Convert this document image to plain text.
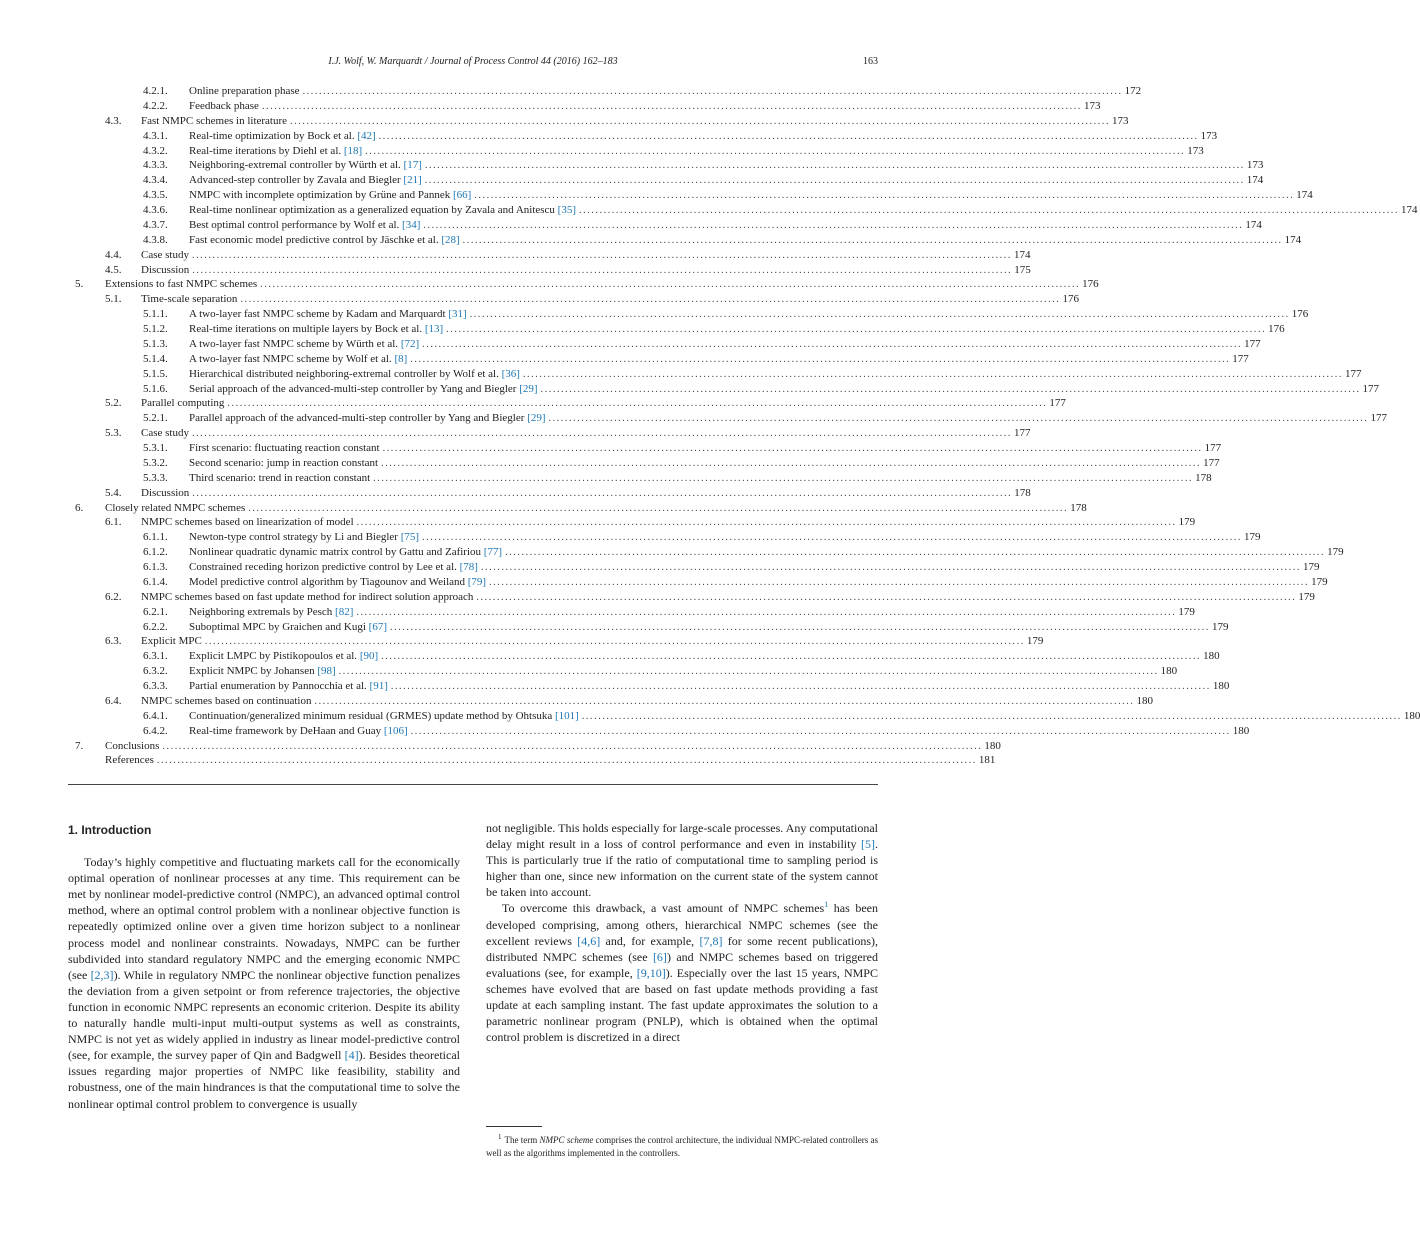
I.J. Wolf, W. Marquardt / Journal of Process Control 44 (2016) 162–183	163
4.2.1.	Online preparation phase ........................................................................................................................................................................................................ 172
4.2.2.	Feedback phase ........................................................................................................................................................................................................ 173
4.3.	Fast NMPC schemes in literature ........................................................................................................................................................................................................ 173
4.3.1.	Real-time optimization by Bock et al. [42] ........................................................................................................................................................................................................ 173
4.3.2.	Real-time iterations by Diehl et al. [18] ........................................................................................................................................................................................................ 173
4.3.3.	Neighboring-extremal controller by Würth et al. [17] ........................................................................................................................................................................................................ 173
4.3.4.	Advanced-step controller by Zavala and Biegler [21] ........................................................................................................................................................................................................ 174
4.3.5.	NMPC with incomplete optimization by Grüne and Pannek [66] ........................................................................................................................................................................................................ 174
4.3.6.	Real-time nonlinear optimization as a generalized equation by Zavala and Anitescu [35] ........................................................................................................................................................................................................ 174
4.3.7.	Best optimal control performance by Wolf et al. [34] ........................................................................................................................................................................................................ 174
4.3.8.	Fast economic model predictive control by Jäschke et al. [28] ........................................................................................................................................................................................................ 174
4.4.	Case study ........................................................................................................................................................................................................ 174
4.5.	Discussion ........................................................................................................................................................................................................ 175
5.	Extensions to fast NMPC schemes ........................................................................................................................................................................................................ 176
5.1.	Time-scale separation ........................................................................................................................................................................................................ 176
5.1.1.	A two-layer fast NMPC scheme by Kadam and Marquardt [31] ........................................................................................................................................................................................................ 176
5.1.2.	Real-time iterations on multiple layers by Bock et al. [13] ........................................................................................................................................................................................................ 176
5.1.3.	A two-layer fast NMPC scheme by Würth et al. [72] ........................................................................................................................................................................................................ 177
5.1.4.	A two-layer fast NMPC scheme by Wolf et al. [8] ........................................................................................................................................................................................................ 177
5.1.5.	Hierarchical distributed neighboring-extremal controller by Wolf et al. [36] ........................................................................................................................................................................................................ 177
5.1.6.	Serial approach of the advanced-multi-step controller by Yang and Biegler [29] ........................................................................................................................................................................................................ 177
5.2.	Parallel computing ........................................................................................................................................................................................................ 177
5.2.1.	Parallel approach of the advanced-multi-step controller by Yang and Biegler [29] ........................................................................................................................................................................................................ 177
5.3.	Case study ........................................................................................................................................................................................................ 177
5.3.1.	First scenario: fluctuating reaction constant ........................................................................................................................................................................................................ 177
5.3.2.	Second scenario: jump in reaction constant ........................................................................................................................................................................................................ 177
5.3.3.	Third scenario: trend in reaction constant ........................................................................................................................................................................................................ 178
5.4.	Discussion ........................................................................................................................................................................................................ 178
6.	Closely related NMPC schemes ........................................................................................................................................................................................................ 178
6.1.	NMPC schemes based on linearization of model ........................................................................................................................................................................................................ 179
6.1.1.	Newton-type control strategy by Li and Biegler [75] ........................................................................................................................................................................................................ 179
6.1.2.	Nonlinear quadratic dynamic matrix control by Gattu and Zafiriou [77] ........................................................................................................................................................................................................ 179
6.1.3.	Constrained receding horizon predictive control by Lee et al. [78] ........................................................................................................................................................................................................ 179
6.1.4.	Model predictive control algorithm by Tiagounov and Weiland [79] ........................................................................................................................................................................................................ 179
6.2.	NMPC schemes based on fast update method for indirect solution approach ........................................................................................................................................................................................................ 179
6.2.1.	Neighboring extremals by Pesch [82] ........................................................................................................................................................................................................ 179
6.2.2.	Suboptimal MPC by Graichen and Kugi [67] ........................................................................................................................................................................................................ 179
6.3.	Explicit MPC ........................................................................................................................................................................................................ 179
6.3.1.	Explicit LMPC by Pistikopoulos et al. [90] ........................................................................................................................................................................................................ 180
6.3.2.	Explicit NMPC by Johansen [98] ........................................................................................................................................................................................................ 180
6.3.3.	Partial enumeration by Pannocchia et al. [91] ........................................................................................................................................................................................................ 180
6.4.	NMPC schemes based on continuation ........................................................................................................................................................................................................ 180
6.4.1.	Continuation/generalized minimum residual (GRMES) update method by Ohtsuka [101] ........................................................................................................................................................................................................ 180
6.4.2.	Real-time framework by DeHaan and Guay [106] ........................................................................................................................................................................................................ 180
7.	Conclusions ........................................................................................................................................................................................................ 180
References ........................................................................................................................................................................................................ 181
1. Introduction

Today’s highly competitive and fluctuating markets call for the economically optimal operation of nonlinear processes at any time. This requirement can be met by nonlinear model-predictive control (NMPC), an advanced optimal control method, where an optimal control problem with a nonlinear objective function is repeatedly optimized online over a given time horizon subject to a nonlinear process model and nonlinear constraints. Nowadays, NMPC can be further subdivided into standard regulatory NMPC and the emerging economic NMPC (see [2,3]). While in regulatory NMPC the nonlinear objective function penalizes the deviation from a given setpoint or from reference trajectories, the objective function in economic NMPC represents an economic criterion. Despite its ability to naturally handle multi-input multi-output systems as well as constraints, NMPC is not yet as widely applied in industry as linear model-predictive control (see, for example, the survey paper of Qin and Badgwell [4]). Besides theoretical issues regarding major properties of NMPC like feasibility, stability and robustness, one of the main hindrances is that the computational time to solve the nonlinear optimal control problem to convergence is usually

not negligible. This holds especially for large-scale processes. Any computational delay might result in a loss of control performance and even in instability [5]. This is particularly true if the ratio of computational time to sampling period is higher than one, since new information on the current state of the system cannot be taken into account.

To overcome this drawback, a vast amount of NMPC schemes$^1$ has been developed comprising, among others, hierarchical NMPC schemes (see the excellent reviews [4,6] and, for example, [7,8] for some recent publications), distributed NMPC schemes (see [6]) and NMPC schemes based on triggered evaluations (see, for example, [9,10]). Especially over the last 15 years, NMPC schemes have evolved that are based on fast update methods providing a fast update at each sampling instant. The fast update approximates the solution to a parametric nonlinear program (PNLP), which is obtained when the optimal control problem is discretized in a direct

$^1$ The term NMPC scheme comprises the control architecture, the individual NMPC-related controllers as well as the algorithms implemented in the controllers.
